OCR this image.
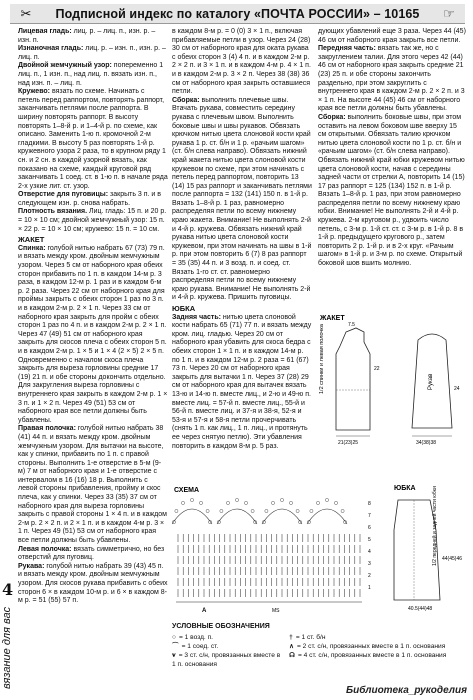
✂	Подписной индекс по каталогу «ПОЧТА РОССИИ» – 10165	☞
4
вязание для вас

Лицевая гладь: лиц. р. – лиц. п., изн. р. – изн. п.

Изнаночная гладь: лиц. р. – изн. п., изн. р. – лиц. п.

Двойной жемчужный узор: попеременно 1 лиц. п., 1 изн. п., над лиц. п. вязать изн. п., над изн. п. – лиц. п.

Кружево: вязать по схеме. Начинать с петель перед раппортом, повторять раппорт, заканчивать петлями после раппорта. В ширину повторять раппорт. В высоту повторять 1–8-й р. и 1–4-й р. по схеме, как описано. Заменить 1-ю п. кромочной 2-м гладкими. В высоту 5 раз повторять 1-й р. кружевного узора 2 раза, то в крупном ряду 1 сн. и 2 сн. в каждой узорной вязать, как показано на схеме, каждый круговой ряд заканчивать 1 соед. ст. в 1-ю п. в начале ряда 2-х узкие лит. ст. узор.

Отверстие для пуговицы: закрыть 3 п. и в следующем изн. р. снова набрать.

Плотность вязания. Лиц. гладь: 15 п. и 20 р. = 10 × 10 см; двойной жемчужный узор: 15 п. × 22 р. = 10 × 10 см; кружево: 15 п. = 10 см.

ЖАКЕТ

Спинка: голубой нитью набрать 67 (73) 79 п. и вязать между кром. двойным жемчужным узором. Через 5 см от наборного края обеих сторон прибавить по 1 п. в каждом 14-м р. 3 раза, в каждом 12-м р. 1 раз и в каждом 6-м р. 2 раза. Через 22 см от наборного края для проймы закрыть с обеих сторон 1 раз по 3 п. и в каждом 2-м р. 2 × 1 п. Через 33 см от наборного края закрыть для пройм с обеих сторон 1 раз по 4 п. и в каждом 2-м р. 2 × 1 п. Через 47 (49) 51 см от наборного края закрыть для скосов плеча с обеих сторон 5 п. и в каждом 2-м р. 1 × 5 и 1 × 4 (2 × 5) 2 × 5 п. Одновременно с началом скоса плеча закрыть для выреза горловины средние 17 (19) 21 п. и обе стороны докончить отдельно. Для закругления выреза горловины с внутреннего края закрыть в каждом 2-м р. 1 × 3 п. и 1 × 2 п. Через 49 (51) 53 см от наборного края все петли должны быть убавлены.

Правая полочка: голубой нитью набрать 38 (41) 44 п. и вязать между кром. двойным жемчужным узором. Для вытачки на высоте, как у спинки, прибавить по 1 п. с правой стороны. Выполнить 1-е отверстие в 5-м (9-м) 7 м от наборного края и 1-е отверстие с интервалом в 16 (16) 18 р. Выполнить с левой стороны прибавления, пройму и скос плеча, как у спинки. Через 33 (35) 37 см от наборного края для выреза горловины закрыть с правой стороны 1 × 4 п. и в каждом 2-м р. 2 × 2 п. и 2 × 1 п. и в каждом 4-м р. 3 × 1 п. Через 49 (51) 53 см от наборного края все петли должны быть убавлены.

Левая полочка: вязать симметрично, но без отверстий для пуговиц.

Рукава: голубой нитью набрать 39 (43) 45 п. и вязать между кром. двойным жемчужным узором. Для скосов рукава прибавить с обеих сторон 6 × в каждом 10-м р. и 6 × в каждом 8-м р. = 51 (55) 57 п.

в каждом 8-м р. = 0 (0) 3 × 1 п., включая прибавляемые петли в узор. Через 24 (28) 30 см от наборного края для оката рукава с обеих сторон 3 (4) 4 п. и в каждом 2-м р. 2 × 2 п. и 3 × 1 п. и в каждом 4-м р. 4 × 1 п. и в каждом 2-м р. 3 × 2 п. Через 38 (38) 36 см от наборного края закрыть оставшиеся петли.

Сборка: выполнить плечевые швы. Втачать рукава, совместить середину рукава с плечевым швом. Выполнить боковые швы и швы рукавов. Обвязать крючком нитью цвета слоновой кости край рукава 1 р. ст. б/н и 1 р. «рачьим шагом» (ст. б/н слева направо). Обвязать нижний край жакета нитью цвета слоновой кости кружевом по схеме, при этом начинать с петель перед раппортом, повторить 13 (14) 15 раз раппорт и заканчивать петлями после раппорта = 132 (141) 150 п. в 1-й р. Вязать 1–8-й р. 1 раз, равномерно распределяя петли по всему нижнему краю жакета. Внимание! Не выполнять 2-й и 4-й р. кружева. Обвязать нижний край рукава нитью цвета слоновой кости кружевом, при этом начинать на швы в 1-й р. при этом повторить 6 (7) 8 раз раппорт = 35 (35) 44 п. и 3 возд. п. и соед. ст. Вязать 1-го ст. ст. равномерно распределяя петли по всему нижнему краю рукава. Внимание! Не выполнять 2-й и 4-й р. кружева. Пришить пуговицы.

ЮБКА

Задняя часть: нитью цвета слоновой кости набрать 65 (71) 77 п. и вязать между кром. лиц. гладью. Через 20 см от наборного края убавить для скоса бедра с обеих сторон 1 × 1 п. и в каждом 14-м р. по 1 п. и в каждом 12-м р. 2 раза = 61 (67) 73 п. Через 20 см от наборного края закрыть для вытачки 1 п. Через 37 (28) 29 см от наборного края для вытачек вязать 13-ю и 14-ю п. вместе лиц., и 2-ю и 49-ю п. вместе лиц. = 57-й п. вместе лиц., 55-й и 56-й п. вместе лиц. и 37-я и 38-я, 52-я и 53-я и 57-я и 58-я петли прочерчивать (снять 1 п. как лиц., 1 п. лиц., и протянуть ее через снятую петлю). Эти убавления повторить в каждом 8-м р. 5 раз.

дующих убавлений еще 3 раза. Через 44 (45) 46 см от наборного края закрыть все петли.

Передняя часть: вязать так же, но с закруглением талии. Для этого через 42 (44) 46 см от наборного края закрыть средние 21 (23) 25 п. и обе стороны закончить раздельно, при этом закруглить с внутреннего края в каждом 2-м р. 2 × 2 п. и 3 × 1 п. На высоте 44 (45) 46 см от наборного края все петли должны быть убавлены.

Сборка: выполнить боковые швы, при этом оставить на левом боковом шве вверху 15 см открытыми. Обвязать талию крючком нитью цвета слоновой кости по 1 р. ст. б/н и «рачьим шагом» (ст. б/н слева направо). Обвязать нижний край юбки кружевом нитью цвета слоновой кости, начав с середины задней части от стрелки А, повторить 14 (15) 17 раз раппорт = 125 (134) 152 п. в 1-й р. Вязать 1–8-й р. 1 раз, при этом равномерно распределяя петли по всему нижнему краю юбки. Внимание! Не выполнять 2-й и 4-й р. кружева. 2-м круговом р., удвоить число петель, с 3-м р. 1-й ст. ст. с 3-м р. в 1-й р. 8 в 1-й р. предыдущего кругового р., затем повторить 2 р. 1-й р. и в 2-х круг. «Рачьим шагом» в 1-й р. и 3-м р. по схеме. Открытый боковой шов вшить молнию.

ЖАКЕТ
1/2 спинки и левая полочка	Рукав
21(23)25	34(38)38
7.5
22
24
ЮБКА	1/2 передней и задней части юбки
40.5(44)48
44(45)46
СХЕМА
8
7
6
5
4
3
2
1
MS
A
УСЛОВНЫЕ ОБОЗНАЧЕНИЯ
○ = 1 возд. п.	† = 1 ст. б/н
⌒ = 1 соед. ст.	∧ = 2 ст. с/н, провязанных вместе в 1 п. основания
⩛ = 3 ст. с/н, провязанных вместе в 1 п. основания
☊ = 4 ст. с/н, провязанных вместе в 1 п. основания
Библиотека_рукоделия
